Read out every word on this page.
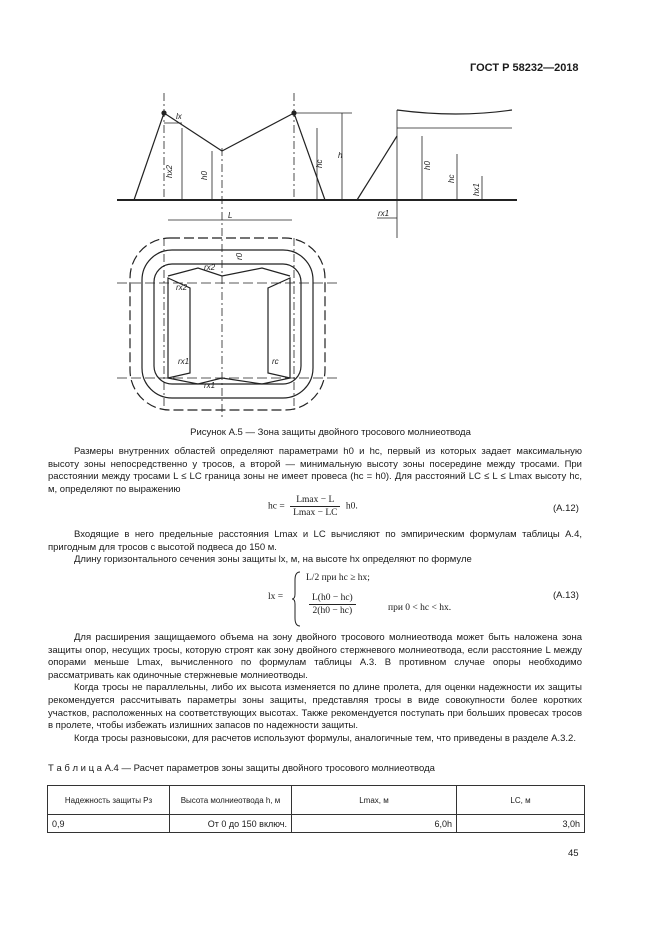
ГОСТ Р 58232—2018
lx
hx2	h0
hc
h
h0
hc
hx1
rx1
L
r0
rx2
rx2
rx1	rc
rx1
Рисунок А.5 — Зона защиты двойного тросового молниеотвода

Размеры внутренних областей определяют параметрами h0 и hc, первый из которых задает максимальную высоту зоны непосредственно у тросов, а второй — минимальную высоту зоны посередине между тросами. При расстоянии между тросами L ≤ LC граница зоны не имеет провеса (hc = h0). Для расстояний LC ≤ L ≤ Lmax высоту hc, м, определяют по выражению

hc = $\frac{Lmax - L}{Lmax - LC} h0$.	(A.12)

Входящие в него предельные расстояния Lmax и LC вычисляют по эмпирическим формулам таблицы А.4, пригодным для тросов с высотой подвеса до 150 м.

Длину горизонтального сечения зоны защиты lx, м, на высоте hx определяют по формуле

lx =
L/2 при hc ≥ hx;
$\frac{L(h0 - hc)}{2(h0 - hc)}$	при 0 < hc < hx.
(A.13)

Для расширения защищаемого объема на зону двойного тросового молниеотвода может быть наложена зона защиты опор, несущих тросы, которую строят как зону двойного стержневого молниеотвода, если расстояние L между опорами меньше Lmax, вычисленного по формулам таблицы А.3. В противном случае опоры необходимо рассматривать как одиночные стержневые молниеотводы.

Когда тросы не параллельны, либо их высота изменяется по длине пролета, для оценки надежности их защиты рекомендуется рассчитывать параметры зоны защиты, представляя тросы в виде совокупности более коротких участков, расположенных на соответствующих высотах. Также рекомендуется поступать при больших провесах тросов в пролете, чтобы избежать излишних запасов по надежности защиты.

Когда тросы разновысоки, для расчетов используют формулы, аналогичные тем, что приведены в разделе А.3.2.

Т а б л и ц а А.4 — Расчет параметров зоны защиты двойного тросового молниеотвода
Надежность защиты Pз	Высота молниеотвода h, м	Lmax, м	LC, м
0,9	От 0 до 150 включ.	6,0h	3,0h
45
